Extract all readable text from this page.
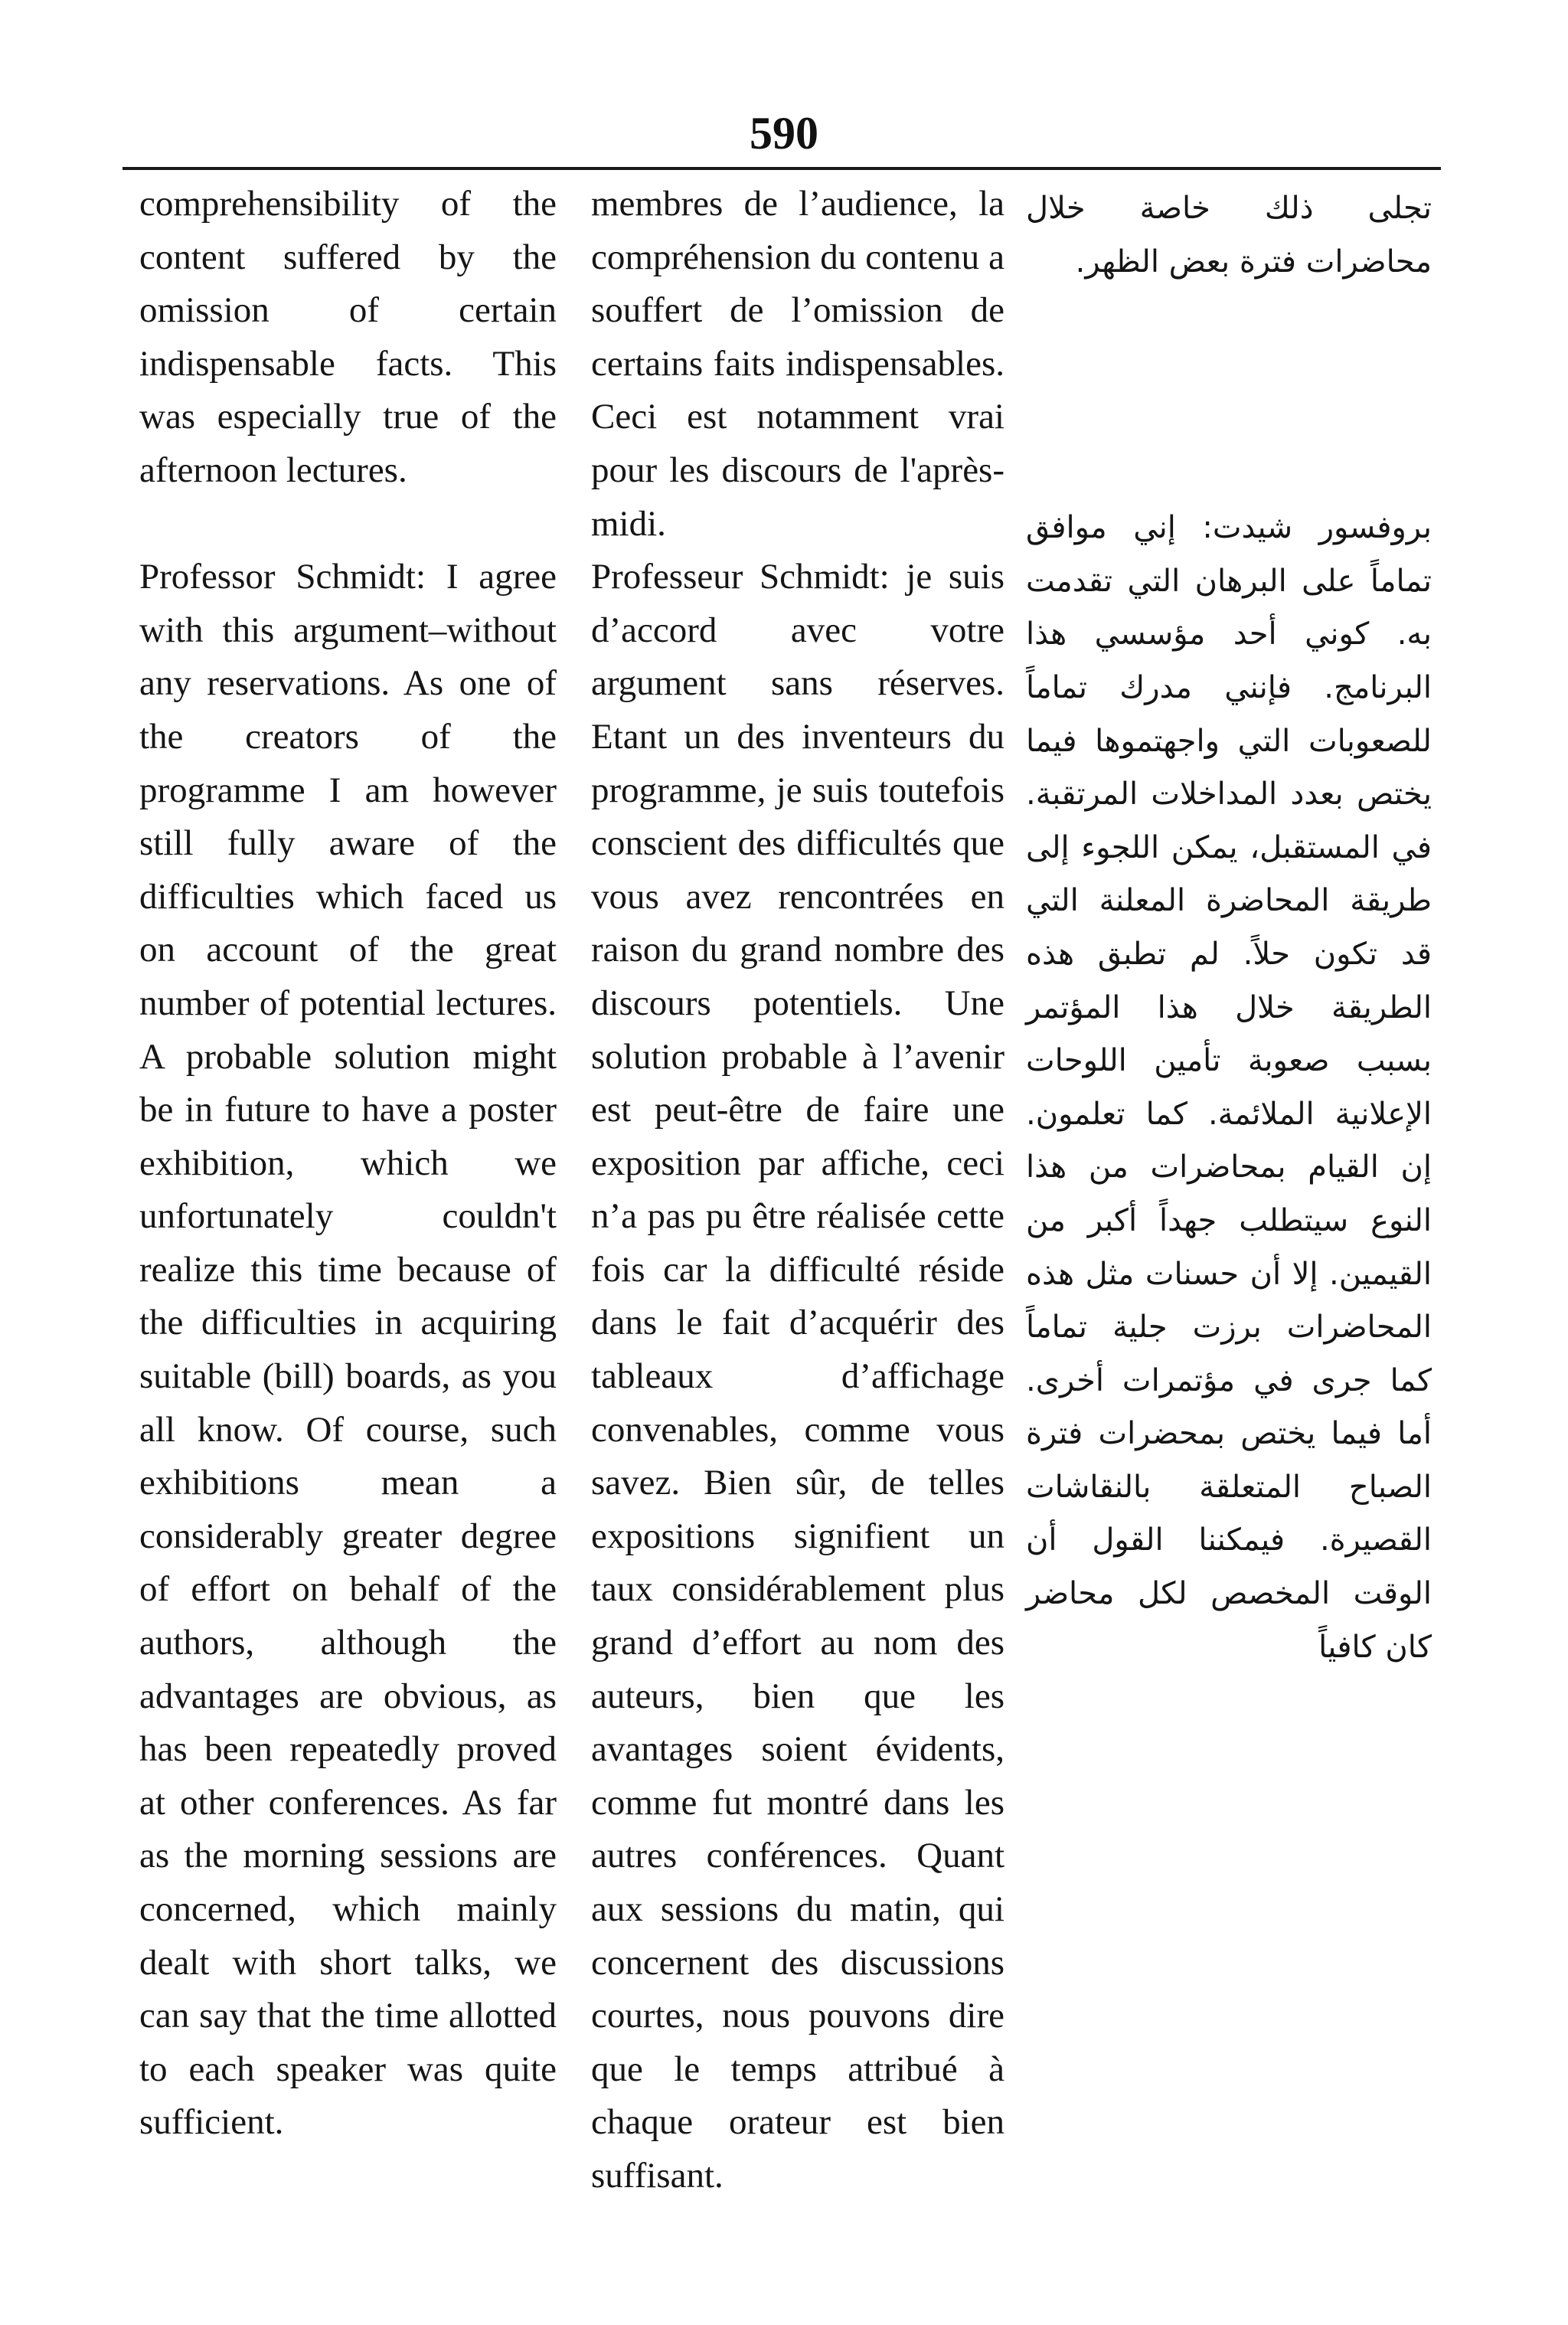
590

comprehensibility of the content suffered by the omission of certain indispensable facts. This was especially true of the afternoon lectures.

Professor Schmidt: I agree with this argument–without any reservations. As one of the creators of the programme I am however still fully aware of the difficulties which faced us on account of the great number of potential lectures. A probable solution might be in future to have a poster exhibition, which we unfortunately couldn't realize this time because of the difficulties in acquiring suitable (bill) boards, as you all know. Of course, such exhibitions mean a considerably greater degree of effort on behalf of the authors, although the advantages are obvious, as has been repeatedly proved at other conferences. As far as the morning sessions are concerned, which mainly dealt with short talks, we can say that the time allotted to each speaker was quite sufficient.

membres de l’audience, la compréhension du contenu a souffert de l’omission de certains faits indispensables. Ceci est notamment vrai pour les discours de l'après-midi.

Professeur Schmidt: je suis d’accord avec votre argument sans réserves. Etant un des inventeurs du programme, je suis toutefois conscient des difficultés que vous avez rencontrées en raison du grand nombre des discours potentiels. Une solution probable à l’avenir est peut-être de faire une exposition par affiche, ceci n’a pas pu être réalisée cette fois car la difficulté réside dans le fait d’acquérir des tableaux d’affichage convenables, comme vous savez. Bien sûr, de telles expositions signifient un taux considérablement plus grand d’effort au nom des auteurs, bien que les avantages soient évidents, comme fut montré dans les autres conférences. Quant aux sessions du matin, qui concernent des discussions courtes, nous pouvons dire que le temps attribué à chaque orateur est bien suffisant.

تجلى ذلك خاصة خلال محاضرات فترة بعض الظهر.

بروفسور شيدت: إني موافق تماماً على البرهان التي تقدمت به. كوني أحد مؤسسي هذا البرنامج. فإنني مدرك تماماً للصعوبات التي واجهتموها فيما يختص بعدد المداخلات المرتقبة. في المستقبل، يمكن اللجوء إلى طريقة المحاضرة المعلنة التي قد تكون حلاً. لم تطبق هذه الطريقة خلال هذا المؤتمر بسبب صعوبة تأمين اللوحات الإعلانية الملائمة. كما تعلمون. إن القيام بمحاضرات من هذا النوع سيتطلب جهداً أكبر من القيمين. إلا أن حسنات مثل هذه المحاضرات برزت جلية تماماً كما جرى في مؤتمرات أخرى. أما فيما يختص بمحضرات فترة الصباح المتعلقة بالنقاشات القصيرة. فيمكننا القول أن الوقت المخصص لكل محاضر كان كافياً
